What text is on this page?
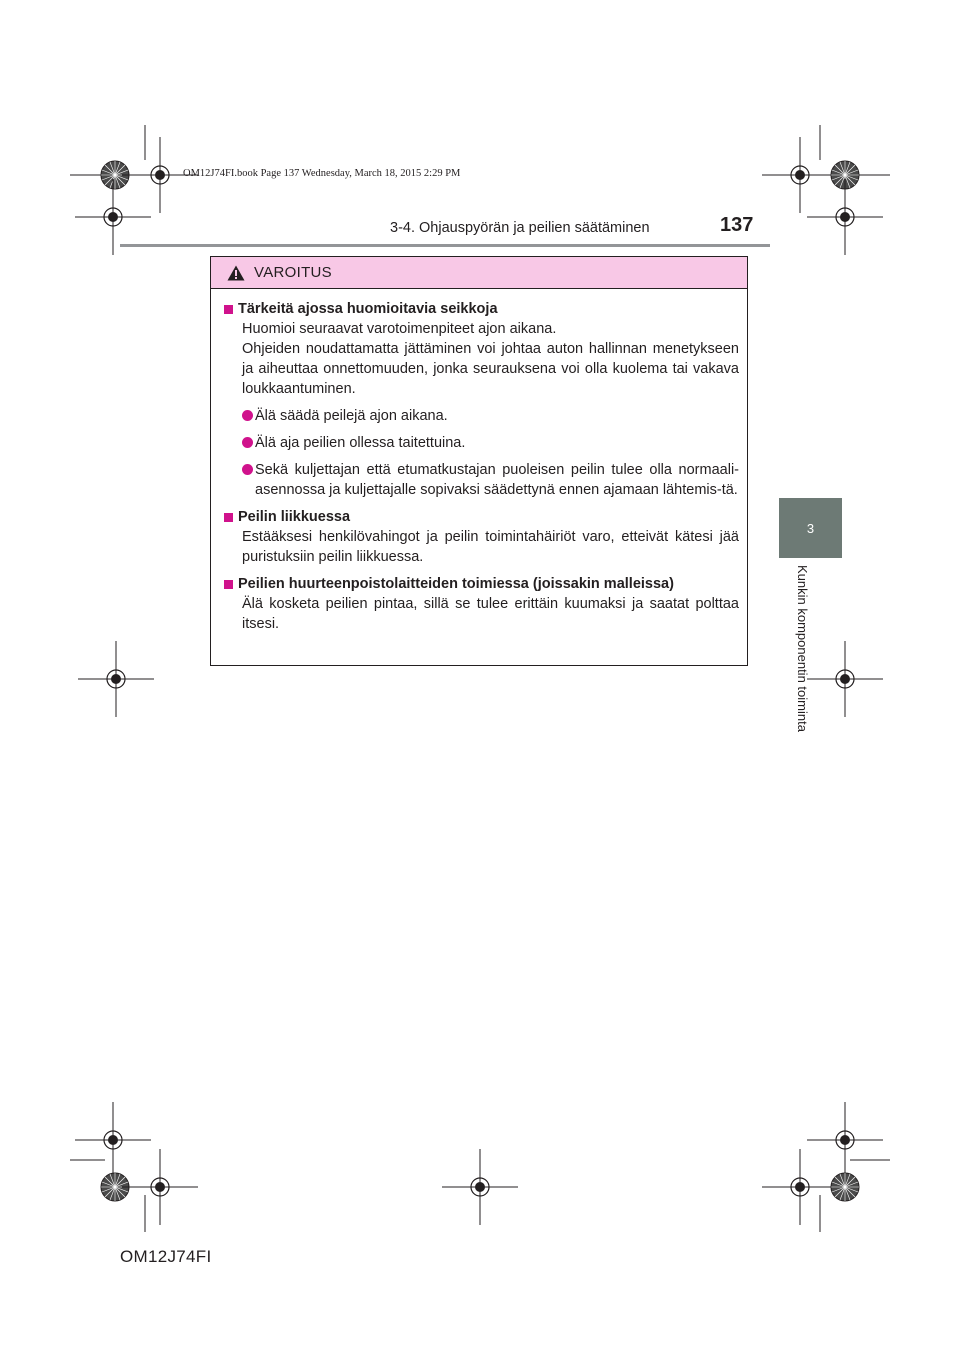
OM12J74FI.book Page 137 Wednesday, March 18, 2015 2:29 PM
3-4. Ohjauspyörän ja peilien säätäminen	137
3
Kunkin komponentin toiminta
VAROITUS
Tärkeitä ajossa huomioitavia seikkoja
Huomioi seuraavat varotoimenpiteet ajon aikana.
Ohjeiden noudattamatta jättäminen voi johtaa auton hallinnan menetykseen ja aiheuttaa onnettomuuden, jonka seurauksena voi olla kuolema tai vakava loukkaantuminen.
Älä säädä peilejä ajon aikana.
Älä aja peilien ollessa taitettuina.
Sekä kuljettajan että etumatkustajan puoleisen peilin tulee olla normaali-asennossa ja kuljettajalle sopivaksi säädettynä ennen ajamaan lähtemis-tä.
Peilin liikkuessa
Estääksesi henkilövahingot ja peilin toimintahäiriöt varo, etteivät kätesi jää puristuksiin peilin liikkuessa.
Peilien huurteenpoistolaitteiden toimiessa (joissakin malleissa)
Älä kosketa peilien pintaa, sillä se tulee erittäin kuumaksi ja saatat polttaa itsesi.
OM12J74FI
